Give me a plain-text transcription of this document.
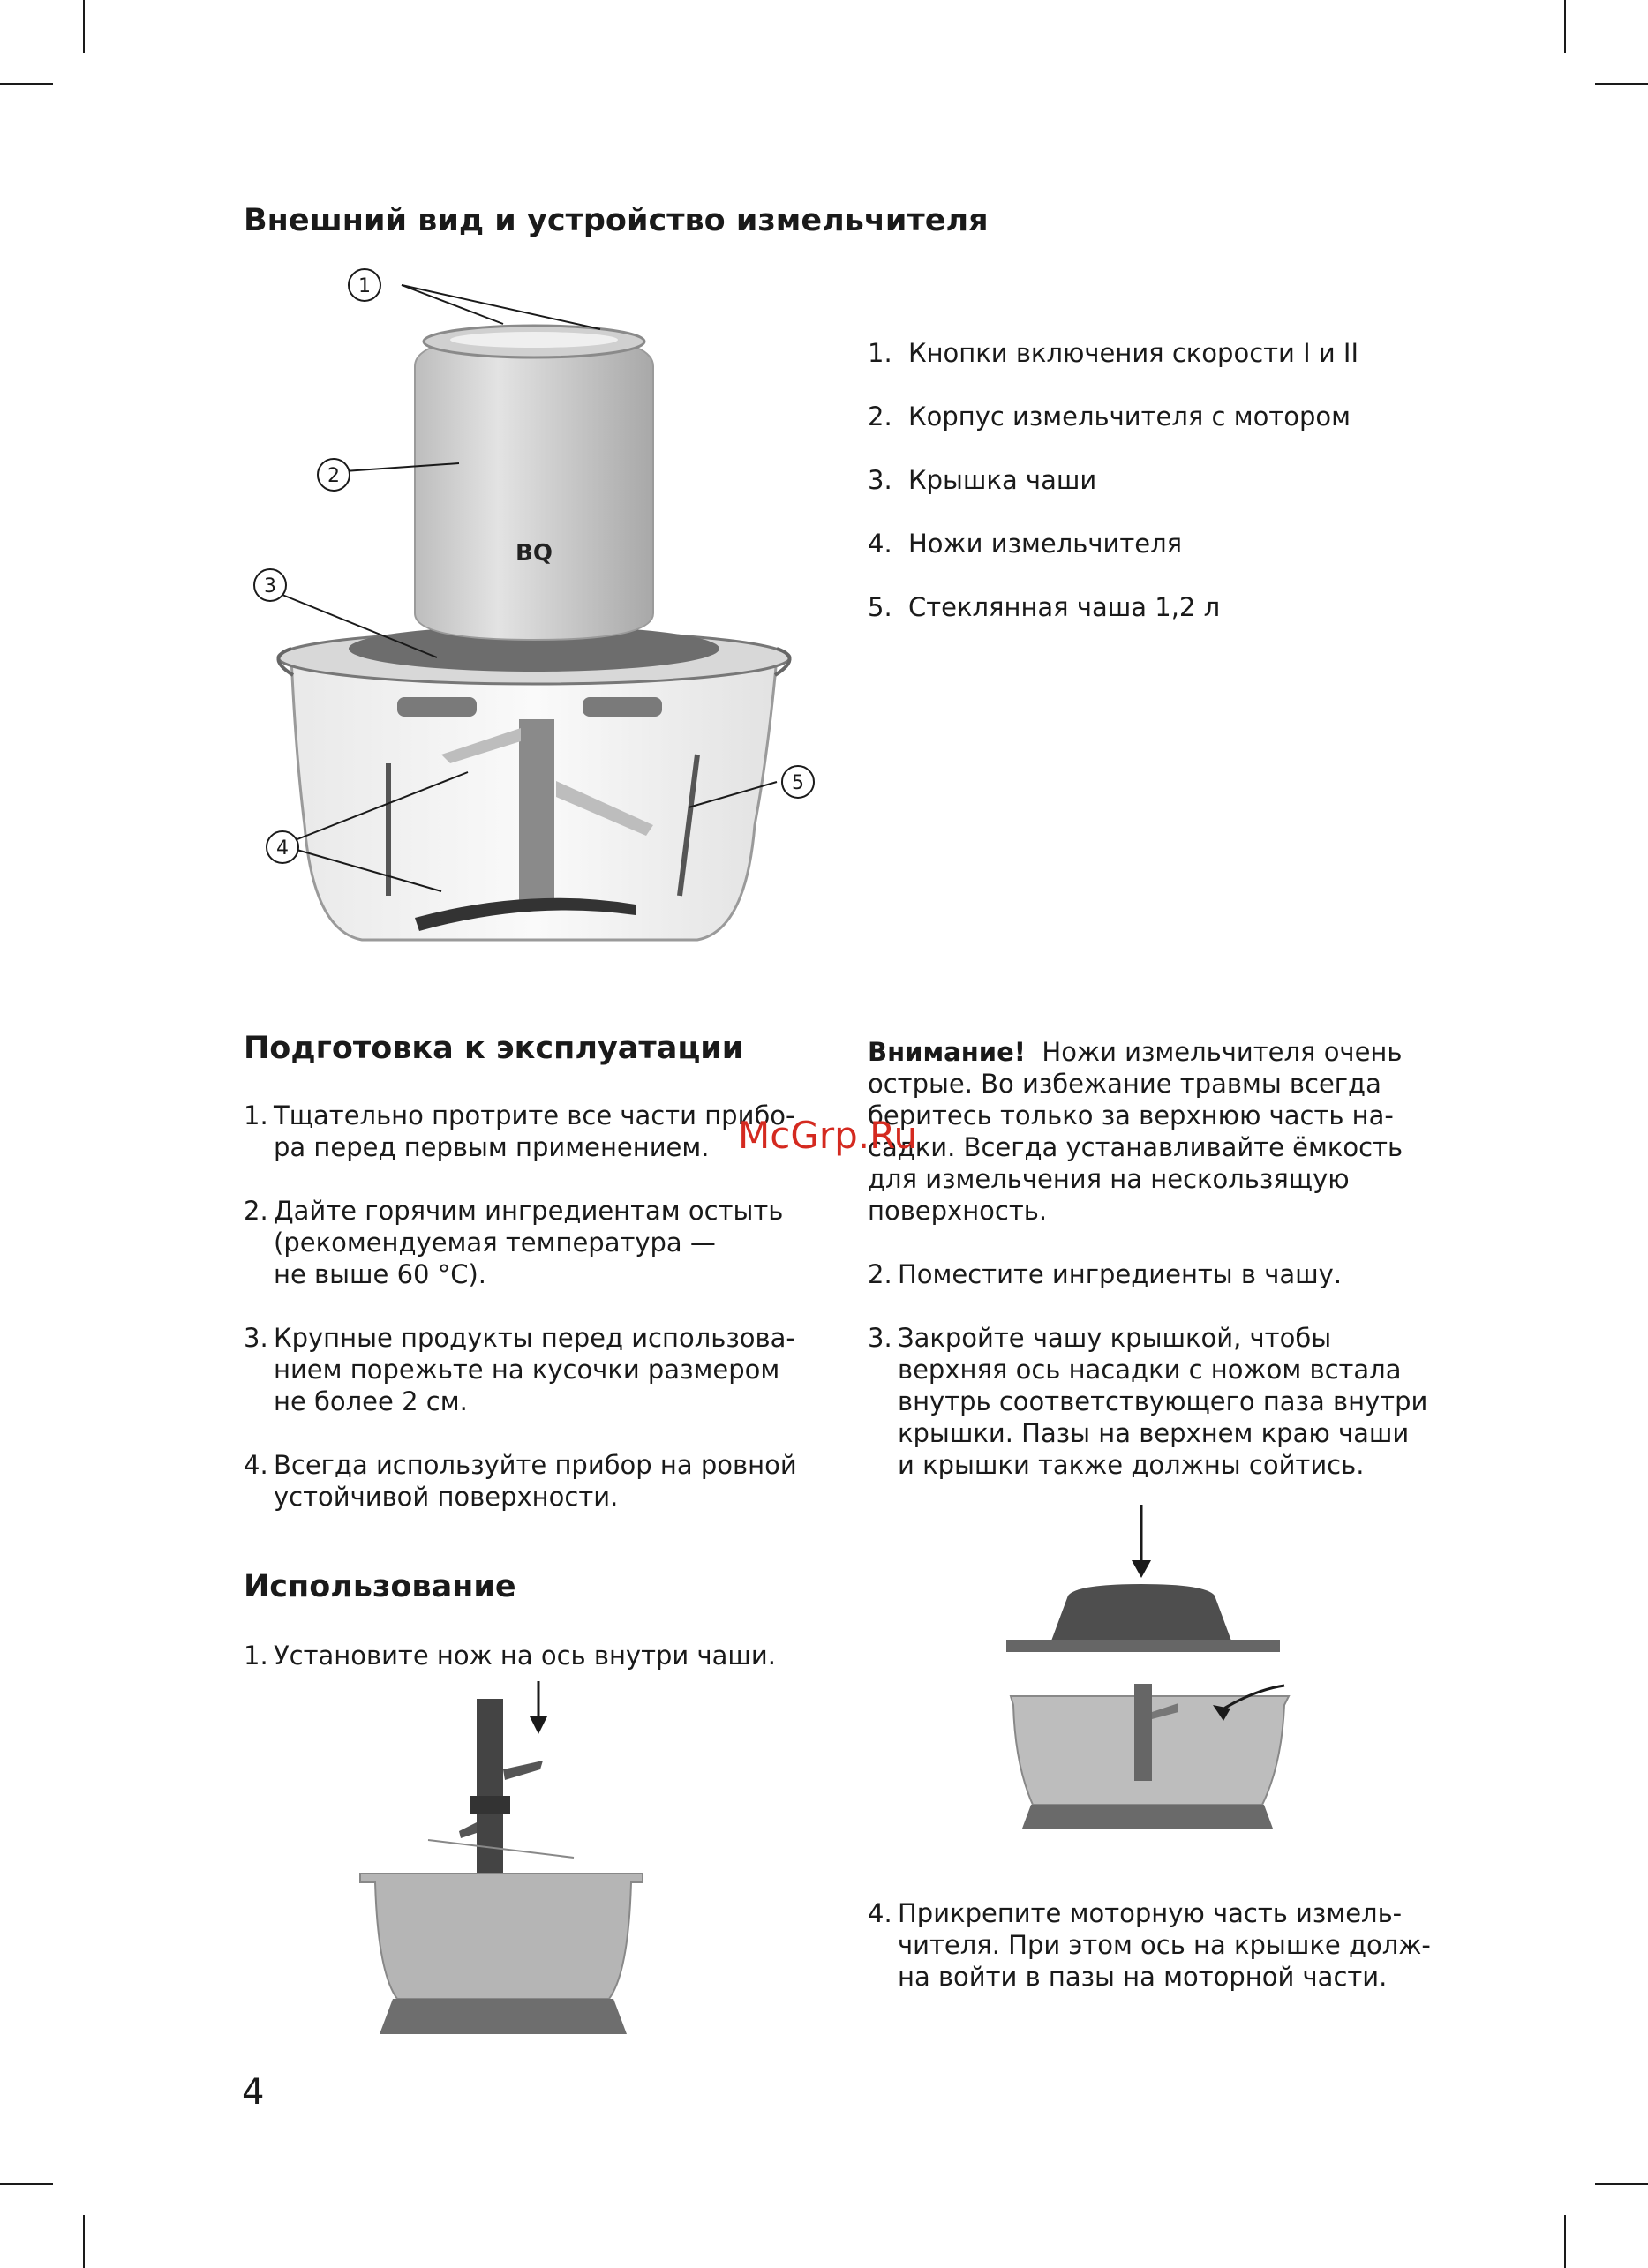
Внешний вид и устройство измельчителя
BQ
1
2
3
4
5
1. Кнопки включения скорости I и II
2. Корпус измельчителя с мотором
3. Крышка чаши
4. Ножи измельчителя
5. Стеклянная чаша 1,2 л
Подготовка к эксплуатации
1. Тщательно протрите все части прибо-
ра перед первым применением.
2. Дайте горячим ингредиентам остыть
(рекомендуемая температура —
не выше 60 °C).
3. Крупные продукты перед использова-
нием порежьте на кусочки размером
не более 2 см.
4. Всегда используйте прибор на ровной
устойчивой поверхности.
Использование
1. Установите нож на ось внутри чаши.
Внимание! Ножи измельчителя очень
острые. Во избежание травмы всегда
беритесь только за верхнюю часть на-
садки. Всегда устанавливайте ёмкость
для измельчения на нескользящую
поверхность.
2. Поместите ингредиенты в чашу.
3. Закройте чашу крышкой, чтобы
верхняя ось насадки с ножом встала
внутрь соответствующего паза внутри
крышки. Пазы на верхнем краю чаши
и крышки также должны сойтись.
4. Прикрепите моторную часть измель-
чителя. При этом ось на крышке долж-
на войти в пазы на моторной части.
McGrp.Ru
4
